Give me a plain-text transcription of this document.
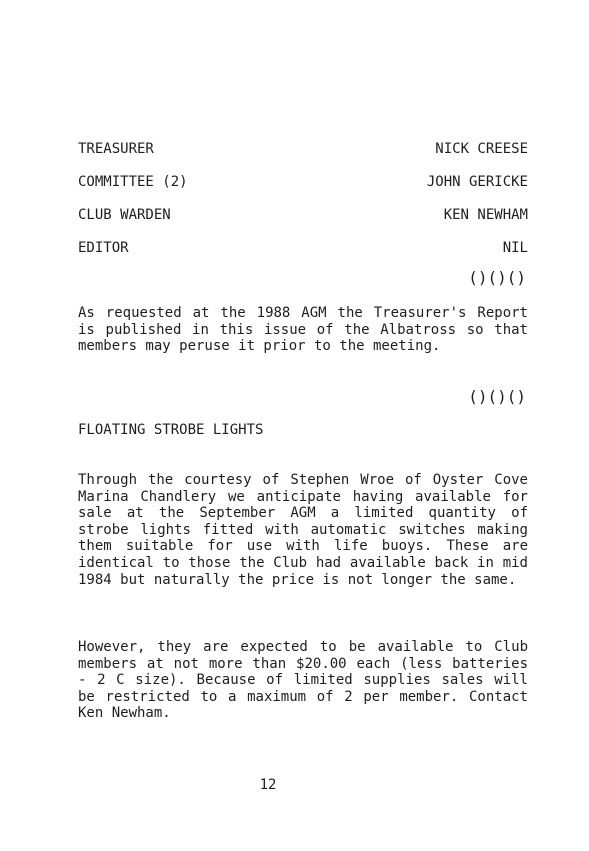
TREASURER	NICK CREESE
COMMITTEE (2)	JOHN GERICKE
CLUB WARDEN	KEN NEWHAM
EDITOR	NIL
()()()

As requested at the 1988 AGM the Treasurer's Report is published in this issue of the Albatross so that members may peruse it prior to the meeting.

()()()
FLOATING STROBE LIGHTS

Through the courtesy of Stephen Wroe of Oyster Cove Marina Chandlery we anticipate having available for sale at the September AGM a limited quantity of strobe lights fitted with automatic switches making them suitable for use with life buoys. These are identical to those the Club had available back in mid 1984 but naturally the price is not longer the same.

However, they are expected to be available to Club members at not more than $20.00 each (less batteries - 2 C size). Because of limited supplies sales will be restricted to a maximum of 2 per member. Contact Ken Newham.

12
